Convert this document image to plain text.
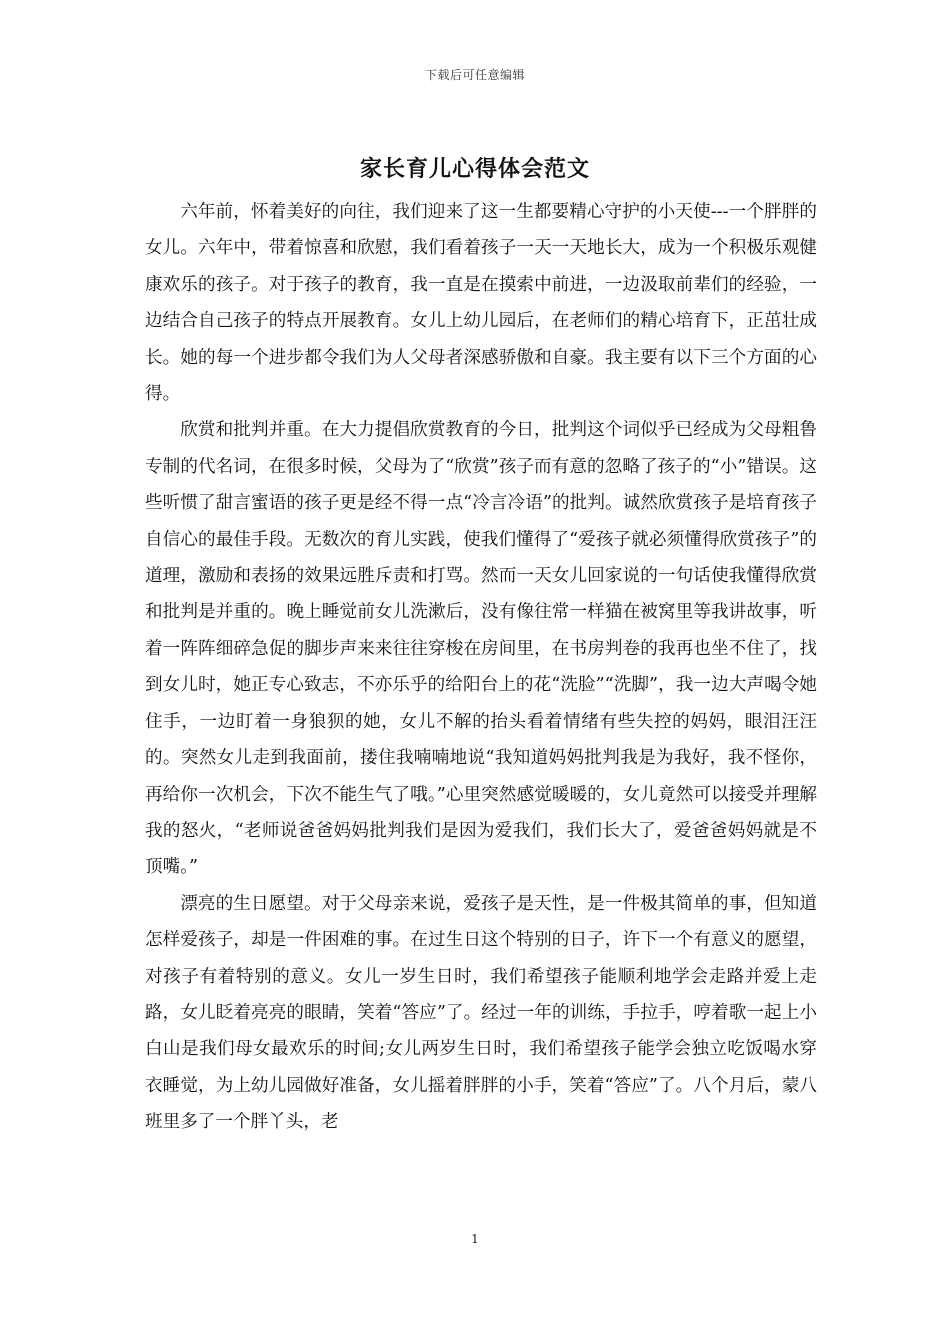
下载后可任意编辑
家长育儿心得体会范文

六年前，怀着美好的向往，我们迎来了这一生都要精心守护的小天使---一个胖胖的女儿。六年中，带着惊喜和欣慰，我们看着孩子一天一天地长大，成为一个积极乐观健康欢乐的孩子。对于孩子的教育，我一直是在摸索中前进，一边汲取前辈们的经验，一边结合自己孩子的特点开展教育。女儿上幼儿园后，在老师们的精心培育下，正茁壮成长。她的每一个进步都令我们为人父母者深感骄傲和自豪。我主要有以下三个方面的心得。

欣赏和批判并重。在大力提倡欣赏教育的今日，批判这个词似乎已经成为父母粗鲁专制的代名词，在很多时候，父母为了“欣赏”孩子而有意的忽略了孩子的“小”错误。这些听惯了甜言蜜语的孩子更是经不得一点“冷言冷语”的批判。诚然欣赏孩子是培育孩子自信心的最佳手段。无数次的育儿实践，使我们懂得了“爱孩子就必须懂得欣赏孩子”的道理，激励和表扬的效果远胜斥责和打骂。然而一天女儿回家说的一句话使我懂得欣赏和批判是并重的。晚上睡觉前女儿洗漱后，没有像往常一样猫在被窝里等我讲故事，听着一阵阵细碎急促的脚步声来来往往穿梭在房间里，在书房判卷的我再也坐不住了，找到女儿时，她正专心致志，不亦乐乎的给阳台上的花“洗脸”“洗脚”，我一边大声喝令她住手，一边盯着一身狼狈的她，女儿不解的抬头看着情绪有些失控的妈妈，眼泪汪汪的。突然女儿走到我面前，搂住我喃喃地说“我知道妈妈批判我是为我好，我不怪你，再给你一次机会，下次不能生气了哦。”心里突然感觉暖暖的，女儿竟然可以接受并理解我的怒火，“老师说爸爸妈妈批判我们是因为爱我们，我们长大了，爱爸爸妈妈就是不顶嘴。”

漂亮的生日愿望。对于父母亲来说，爱孩子是天性，是一件极其简单的事，但知道怎样爱孩子，却是一件困难的事。在过生日这个特别的日子，许下一个有意义的愿望，对孩子有着特别的意义。女儿一岁生日时，我们希望孩子能顺利地学会走路并爱上走路，女儿眨着亮亮的眼睛，笑着“答应”了。经过一年的训练，手拉手，哼着歌一起上小白山是我们母女最欢乐的时间;女儿两岁生日时，我们希望孩子能学会独立吃饭喝水穿衣睡觉，为上幼儿园做好准备，女儿摇着胖胖的小手，笑着“答应”了。八个月后，蒙八班里多了一个胖丫头，老

1
